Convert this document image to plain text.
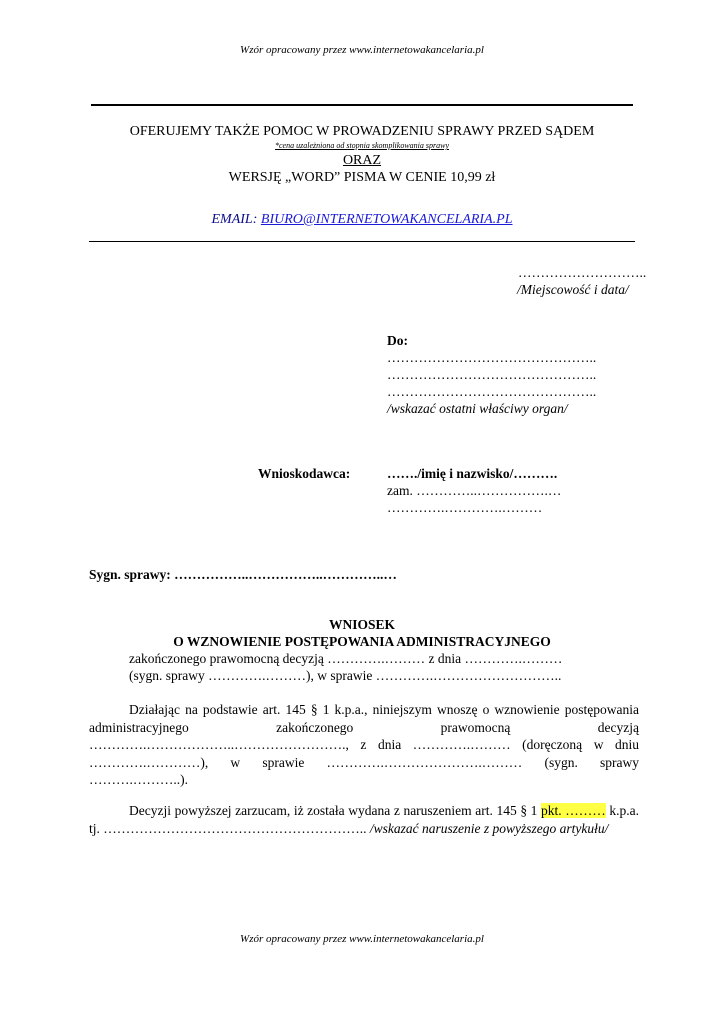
Wzór opracowany przez www.internetowakancelaria.pl
OFERUJEMY TAKŻE POMOC W PROWADZENIU SPRAWY PRZED SĄDEM
*cena uzależniona od stopnia skomplikowania sprawy
ORAZ
WERSJĘ „WORD” PISMA W CENIE 10,99 zł
EMAIL: BIURO@INTERNETOWAKANCELARIA.PL
………………………..
/Miejscowość i data/
Do:
………………………………………..
………………………………………..
………………………………………..
/wskazać ostatni właściwy organ/
Wnioskodawca:	……./imię i nazwisko/……….
zam. …………..…………….…
………….………….………
Sygn. sprawy: ……………..……………..…………..…
WNIOSEK
O WZNOWIENIE POSTĘPOWANIA ADMINISTRACYJNEGO
zakończonego prawomocną decyzją ………….……… z dnia ………….………
(sygn. sprawy ………….………), w sprawie ………….………………………..
Działając na podstawie art. 145 § 1 k.p.a., niniejszym wnoszę o wznowienie postępowania administracyjnego zakończonego prawomocną decyzją ………….………………..……………………., z dnia ………….……… (doręczoną w dniu ………….…………), w sprawie ………….………………….……… (sygn. sprawy ……….………..).
Decyzji powyższej zarzucam, iż została wydana z naruszeniem art. 145 § 1 pkt. ……… k.p.a. tj. ………………………………………………….. /wskazać naruszenie z powyższego artykułu/
Wzór opracowany przez www.internetowakancelaria.pl
